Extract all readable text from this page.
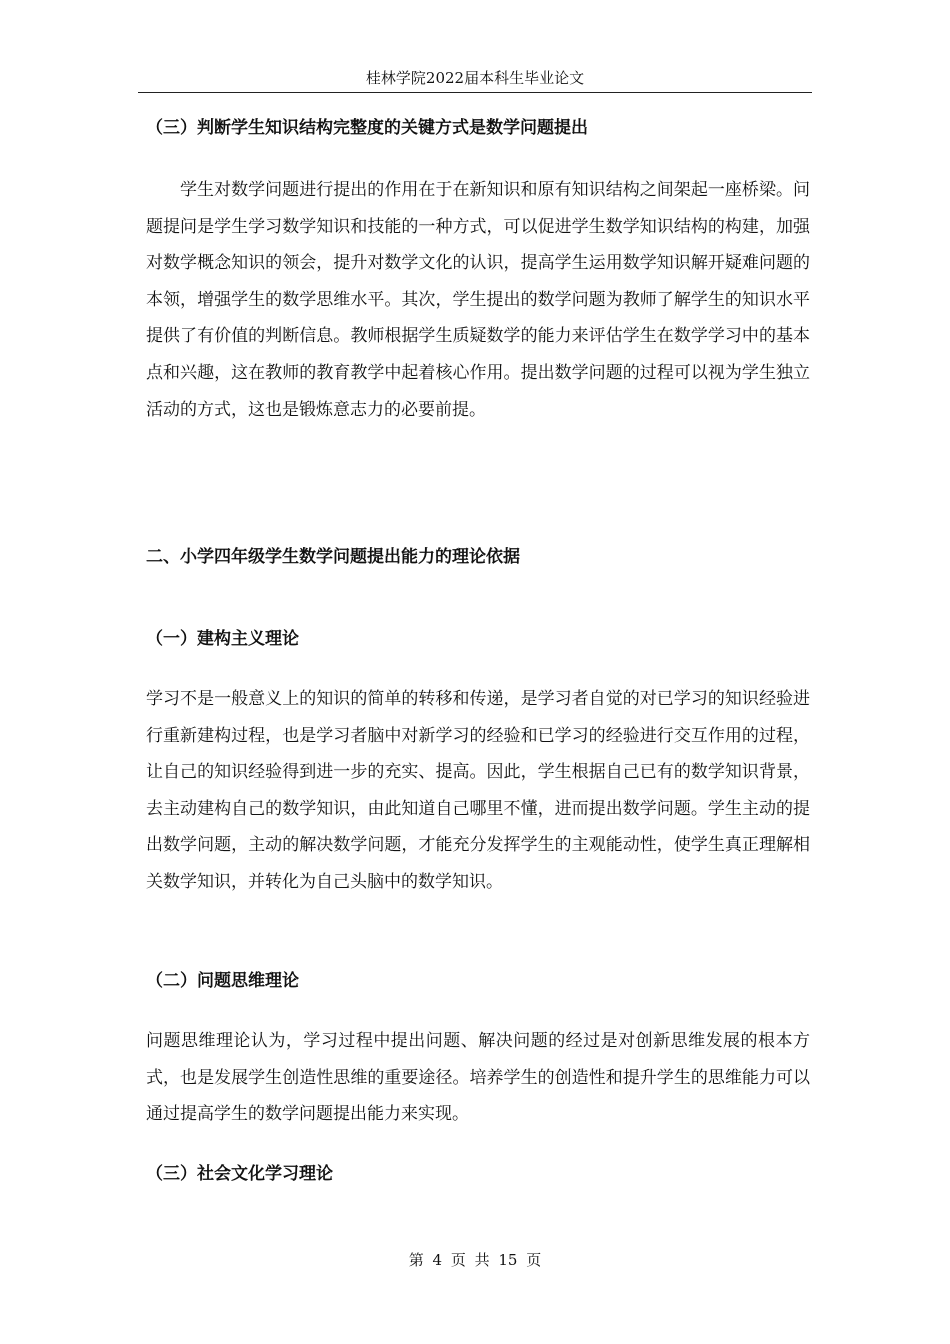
桂林学院2022届本科生毕业论文
（三）判断学生知识结构完整度的关键方式是数学问题提出
学生对数学问题进行提出的作用在于在新知识和原有知识结构之间架起一座桥梁。问题提问是学生学习数学知识和技能的一种方式，可以促进学生数学知识结构的构建，加强对数学概念知识的领会，提升对数学文化的认识，提高学生运用数学知识解开疑难问题的本领，增强学生的数学思维水平。其次，学生提出的数学问题为教师了解学生的知识水平提供了有价值的判断信息。教师根据学生质疑数学的能力来评估学生在数学学习中的基本点和兴趣，这在教师的教育教学中起着核心作用。提出数学问题的过程可以视为学生独立活动的方式，这也是锻炼意志力的必要前提。
二、小学四年级学生数学问题提出能力的理论依据
（一）建构主义理论
学习不是一般意义上的知识的简单的转移和传递，是学习者自觉的对已学习的知识经验进行重新建构过程，也是学习者脑中对新学习的经验和已学习的经验进行交互作用的过程，让自己的知识经验得到进一步的充实、提高。因此，学生根据自己已有的数学知识背景，去主动建构自己的数学知识，由此知道自己哪里不懂，进而提出数学问题。学生主动的提出数学问题，主动的解决数学问题，才能充分发挥学生的主观能动性，使学生真正理解相关数学知识，并转化为自己头脑中的数学知识。
（二）问题思维理论
问题思维理论认为，学习过程中提出问题、解决问题的经过是对创新思维发展的根本方式，也是发展学生创造性思维的重要途径。培养学生的创造性和提升学生的思维能力可以通过提高学生的数学问题提出能力来实现。
（三）社会文化学习理论
第 4 页 共 15 页
